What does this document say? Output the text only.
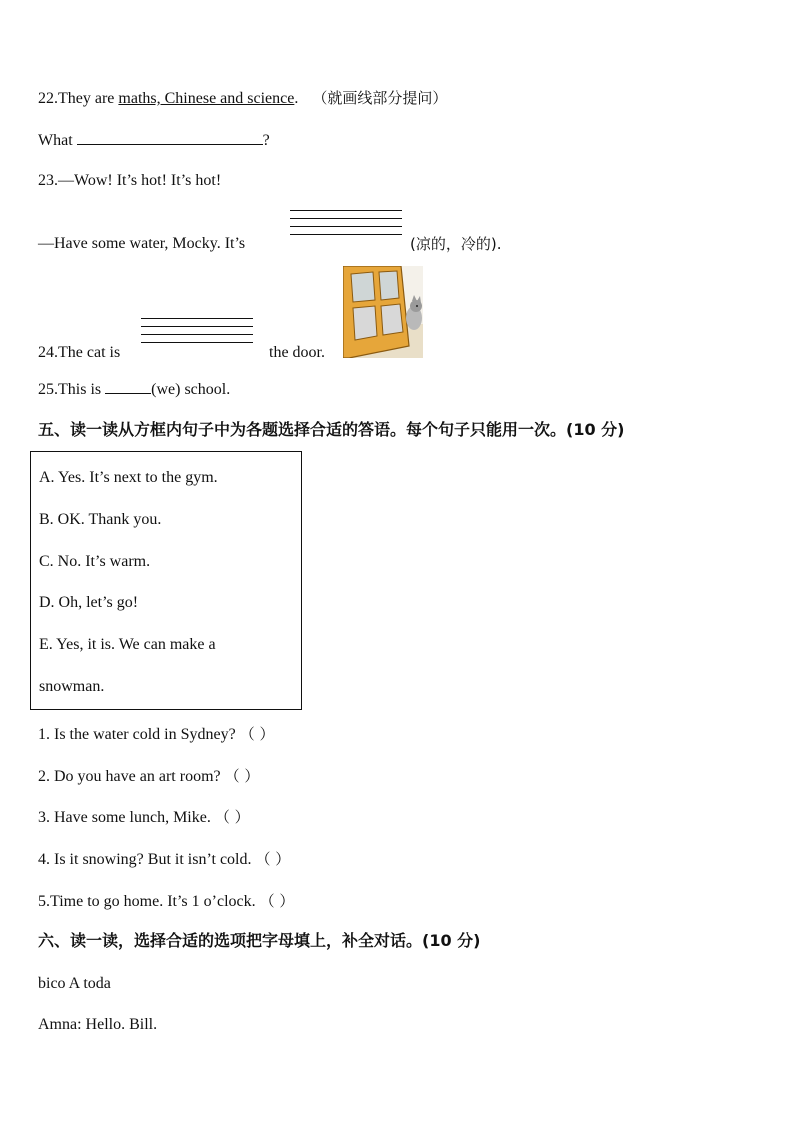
22.They are maths, Chinese and science. （就画线部分提问）
What	?
23.—Wow! It’s hot! It’s hot!
—Have some water, Mocky. It’s	(凉的，冷的).
24.The cat is	the door.
25.This is	(we) school.
五、读一读从方框内句子中为各题选择合适的答语。每个句子只能用一次。(10 分)
A. Yes. It’s next to the gym.
B. OK. Thank you.
C. No. It’s warm.
D. Oh, let’s go!
E. Yes, it is. We can make a
snowman.
1. Is the water cold in Sydney? （ ）
2. Do you have an art room? （ ）
3. Have some lunch, Mike. （ ）
4. Is it snowing? But it isn’t cold. （ ）
5.Time to go home. It’s 1 o’clock. （ ）
六、读一读，选择合适的选项把字母填上，补全对话。(10 分)
bico A toda
Amna: Hello. Bill.
